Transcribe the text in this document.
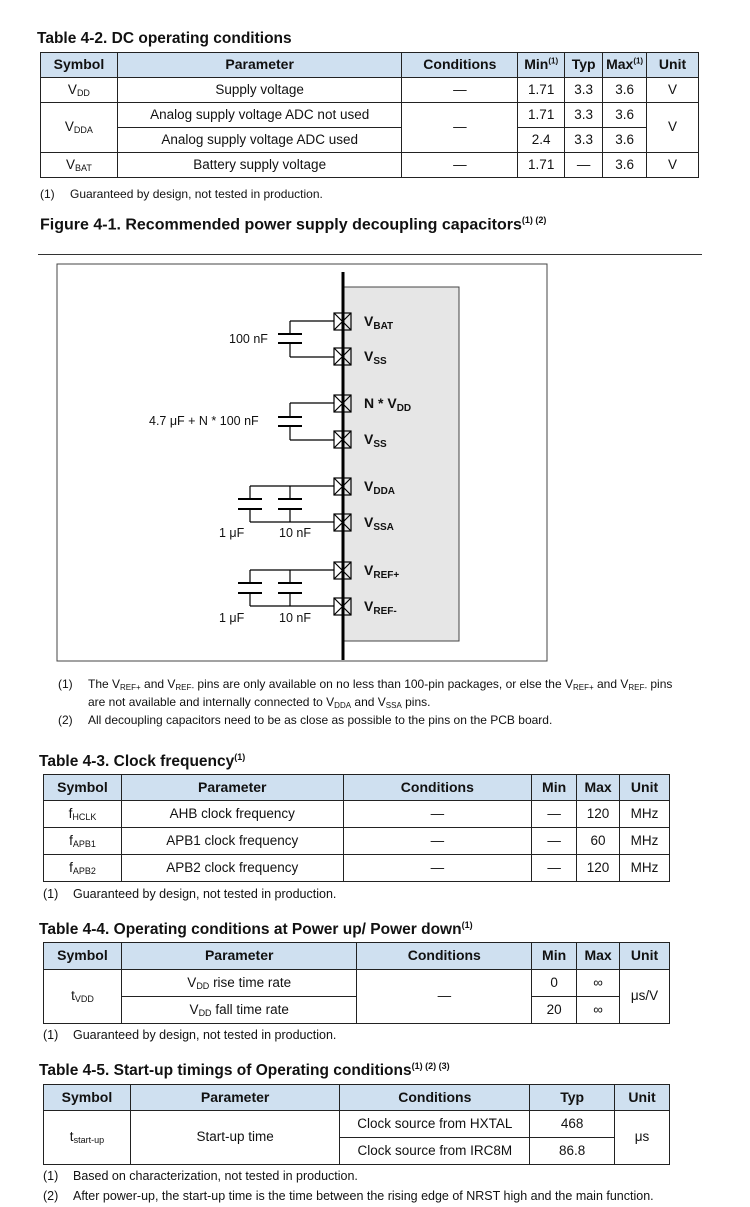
Table 4-2. DC operating conditions
Symbol	Parameter	Conditions	Min$^{(1)}$	Typ	Max$^{(1)}$	Unit
$V_{DD}$	Supply voltage	—	1.71	3.3	3.6	V
$V_{DDA}$	Analog supply voltage ADC not used	—	1.71	3.3	3.6	V
	Analog supply voltage ADC used		2.4	3.3	3.6	
$V_{BAT}$	Battery supply voltage	—	1.71	—	3.6	V
(1) Guaranteed by design, not tested in production.
Figure 4-1. Recommended power supply decoupling capacitors$^{(1) (2)}$
$V_{BAT}$
$V_{SS}$
N * $V_{DD}$
$V_{SS}$
$V_{DDA}$
$V_{SSA}$
$V_{REF+}$
$V_{REF-}$
100 nF
4.7 μF + N * 100 nF
1 μF	10 nF
1 μF	10 nF
(1) The $V_{REF+}$ and $V_{REF-}$ pins are only available on no less than 100-pin packages, or else the $V_{REF+}$ and $V_{REF-}$ pins
are not available and internally connected to $V_{DDA}$ and $V_{SSA}$ pins.
(2) All decoupling capacitors need to be as close as possible to the pins on the PCB board.
Table 4-3. Clock frequency$^{(1)}$
Symbol	Parameter	Conditions	Min	Max	Unit
$f_{HCLK}$	AHB clock frequency	—	—	120	MHz
$f_{APB1}$	APB1 clock frequency	—	—	60	MHz
$f_{APB2}$	APB2 clock frequency	—	—	120	MHz
(1) Guaranteed by design, not tested in production.
Table 4-4. Operating conditions at Power up/ Power down$^{(1)}$
Symbol	Parameter	Conditions	Min	Max	Unit
$t_{VDD}$	$V_{DD}$ rise time rate	—	0	∞	μs/V
	$V_{DD}$ fall time rate		20	∞	
(1) Guaranteed by design, not tested in production.
Table 4-5. Start-up timings of Operating conditions$^{(1) (2) (3)}$
Symbol	Parameter	Conditions	Typ	Unit
$t_{start-up}$	Start-up time	Clock source from HXTAL	468	μs
		Clock source from IRC8M	86.8	
(1) Based on characterization, not tested in production.
(2) After power-up, the start-up time is the time between the rising edge of NRST high and the main function.
